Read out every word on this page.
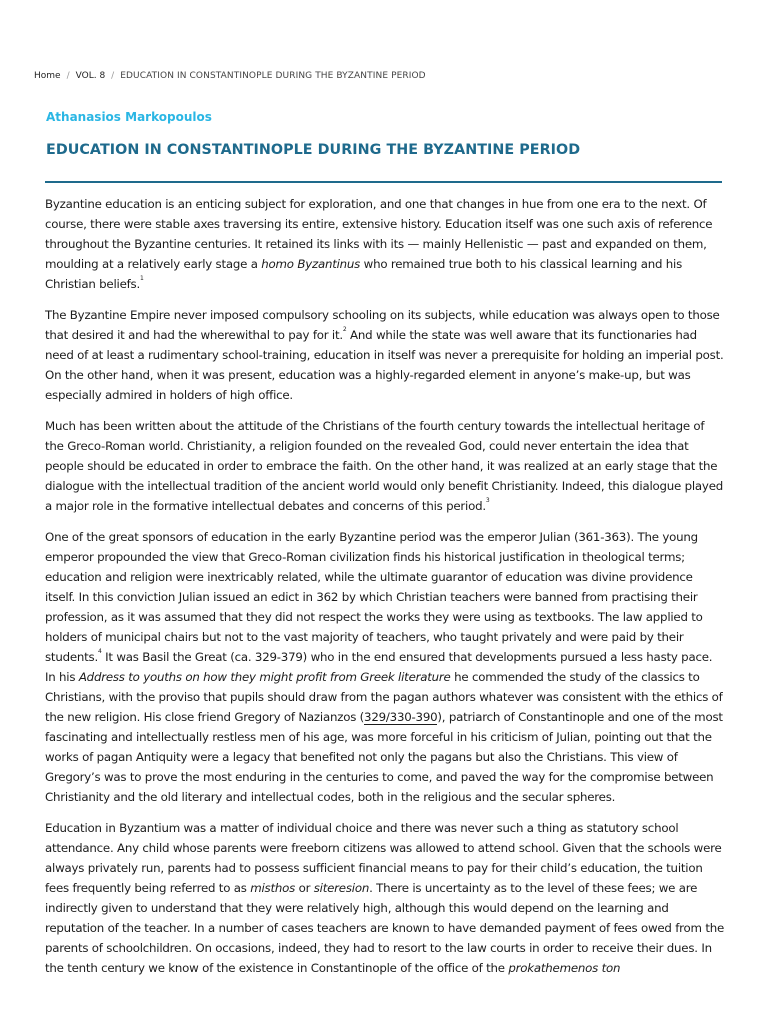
Home / VOL. 8 / EDUCATION IN CONSTANTINOPLE DURING THE BYZANTINE PERIOD
Athanasios Markopoulos
EDUCATION IN CONSTANTINOPLE DURING THE BYZANTINE PERIOD

Byzantine education is an enticing subject for exploration, and one that changes in hue from one era to the next. Of course, there were stable axes traversing its entire, extensive history. Education itself was one such axis of reference throughout the Byzantine centuries. It retained its links with its — mainly Hellenistic — past and expanded on them, moulding at a relatively early stage a homo Byzantinus who remained true both to his classical learning and his Christian beliefs.$^1$

The Byzantine Empire never imposed compulsory schooling on its subjects, while education was always open to those that desired it and had the wherewithal to pay for it.$^2$ And while the state was well aware that its functionaries had need of at least a rudimentary school-training, education in itself was never a prerequisite for holding an imperial post. On the other hand, when it was present, education was a highly-regarded element in anyone’s make-up, but was especially admired in holders of high office.

Much has been written about the attitude of the Christians of the fourth century towards the intellectual heritage of the Greco-Roman world. Christianity, a religion founded on the revealed God, could never entertain the idea that people should be educated in order to embrace the faith. On the other hand, it was realized at an early stage that the dialogue with the intellectual tradition of the ancient world would only benefit Christianity. Indeed, this dialogue played a major role in the formative intellectual debates and concerns of this period.$^3$

One of the great sponsors of education in the early Byzantine period was the emperor Julian (361-363). The young emperor propounded the view that Greco-Roman civilization finds his historical justification in theological terms; education and religion were inextricably related, while the ultimate guarantor of education was divine providence itself. In this conviction Julian issued an edict in 362 by which Christian teachers were banned from practising their profession, as it was assumed that they did not respect the works they were using as textbooks. The law applied to holders of municipal chairs but not to the vast majority of teachers, who taught privately and were paid by their students.$^4$ It was Basil the Great (ca. 329-379) who in the end ensured that developments pursued a less hasty pace. In his Address to youths on how they might profit from Greek literature he commended the study of the classics to Christians, with the proviso that pupils should draw from the pagan authors whatever was consistent with the ethics of the new religion. His close friend Gregory of Nazianzos (329/330-390), patriarch of Constantinople and one of the most fascinating and intellectually restless men of his age, was more forceful in his criticism of Julian, pointing out that the works of pagan Antiquity were a legacy that benefited not only the pagans but also the Christians. This view of Gregory’s was to prove the most enduring in the centuries to come, and paved the way for the compromise between Christianity and the old literary and intellectual codes, both in the religious and the secular spheres.

Education in Byzantium was a matter of individual choice and there was never such a thing as statutory school attendance. Any child whose parents were freeborn citizens was allowed to attend school. Given that the schools were always privately run, parents had to possess sufficient financial means to pay for their child’s education, the tuition fees frequently being referred to as misthos or siteresion. There is uncertainty as to the level of these fees; we are indirectly given to understand that they were relatively high, although this would depend on the learning and reputation of the teacher. In a number of cases teachers are known to have demanded payment of fees owed from the parents of schoolchildren. On occasions, indeed, they had to resort to the law courts in order to receive their dues. In the tenth century we know of the existence in Constantinople of the office of the prokathemenos ton
